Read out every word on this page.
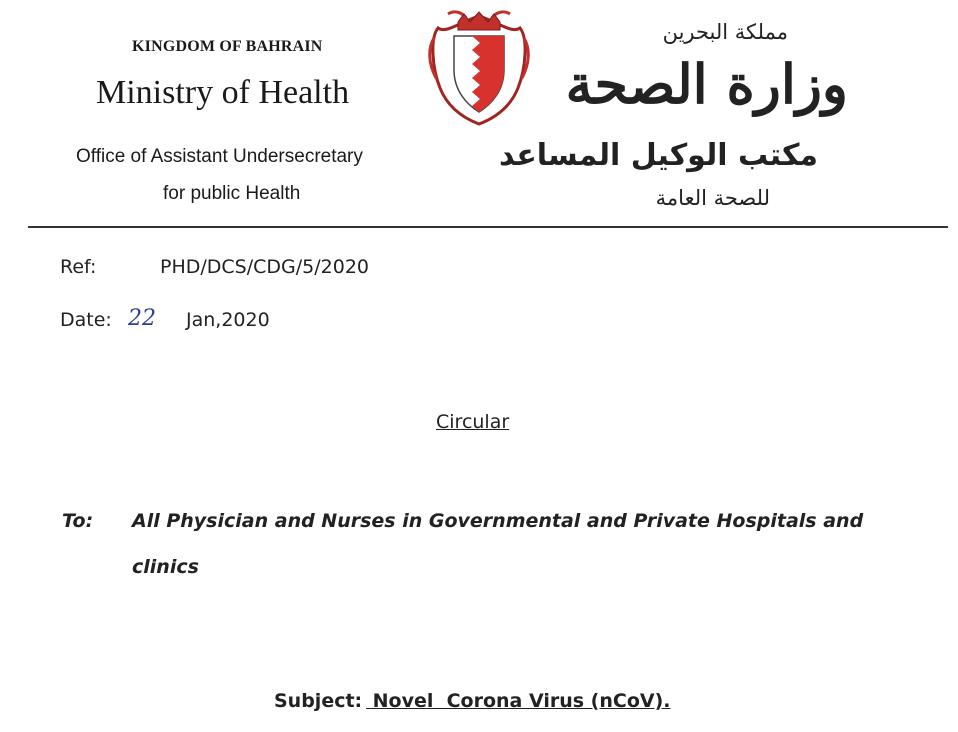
KINGDOM OF BAHRAIN
Ministry of Health
Office of Assistant Undersecretary
for public Health
مملكة البحرين
وزارة الصحة
مكتب الوكيل المساعد
للصحة العامة
Ref:	PHD/DCS/CDG/5/2020
Date: 22 Jan,2020
Circular
To: All Physician and Nurses in Governmental and Private Hospitals and
clinics
Subject: Novel  Corona Virus (nCoV).
